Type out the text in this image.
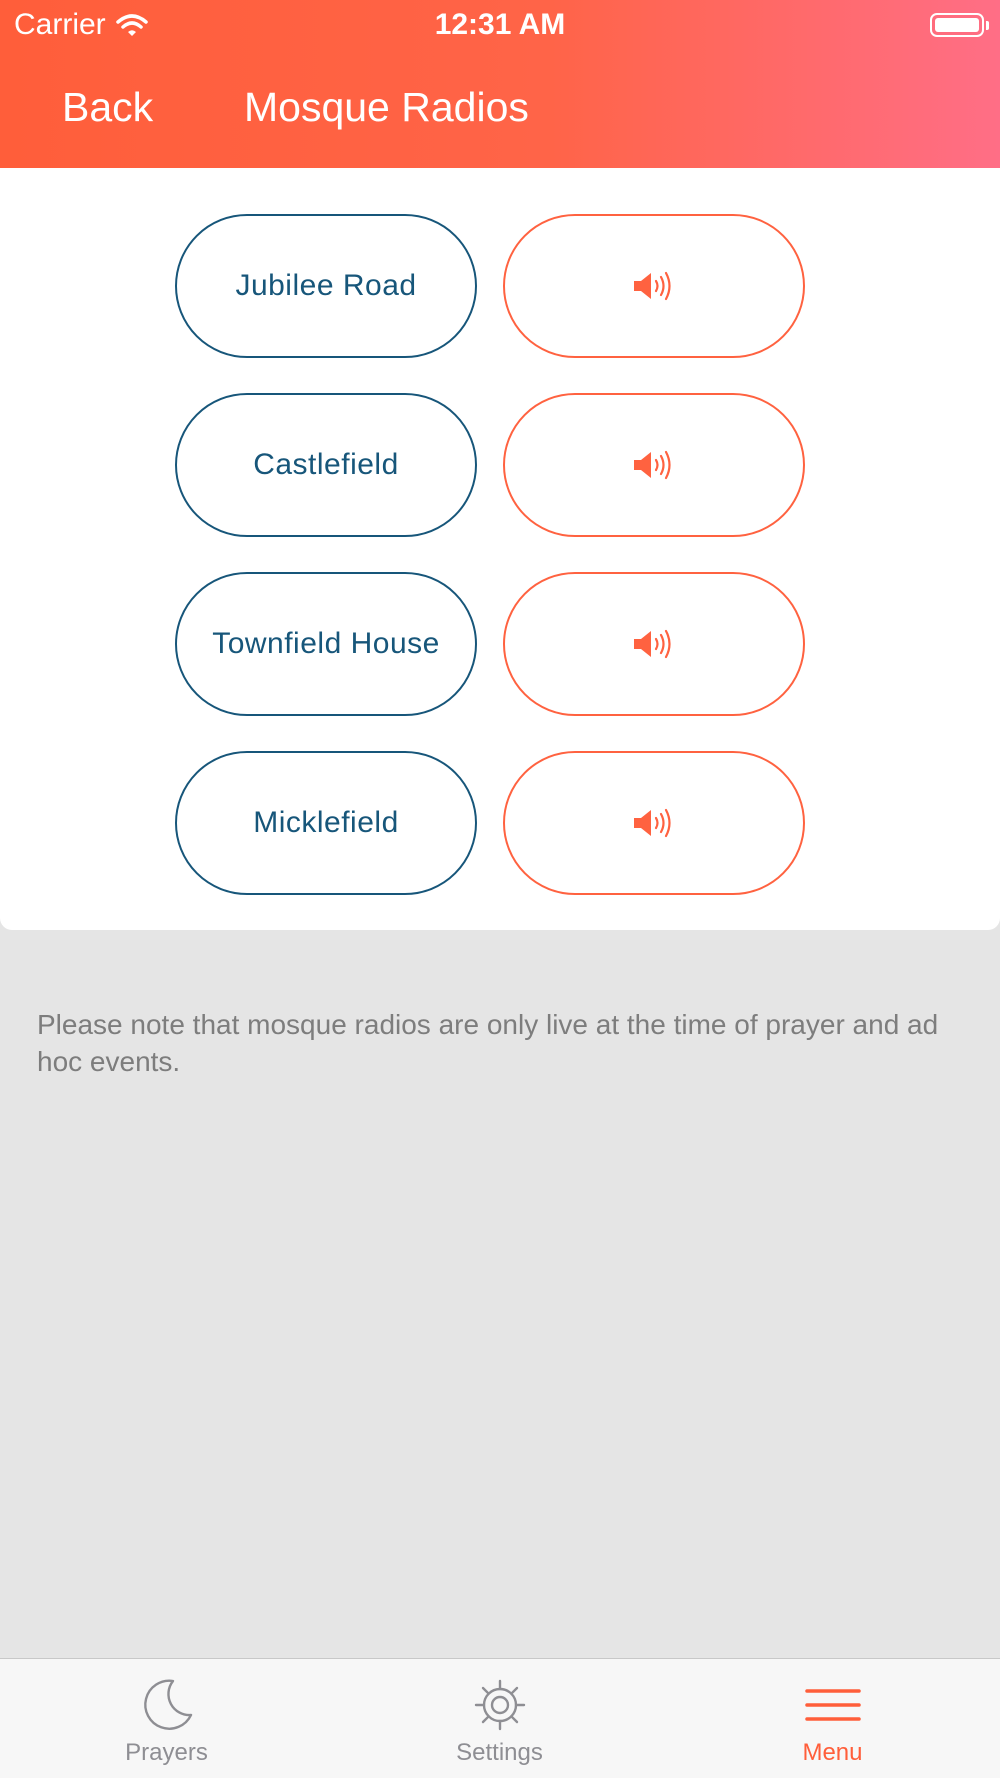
Carrier	12:31 AM
Back Mosque Radios
Jubilee Road
Castlefield
Townfield House
Micklefield
Please note that mosque radios are only live at the time of prayer and ad hoc events.
Prayers	Settings	Menu
